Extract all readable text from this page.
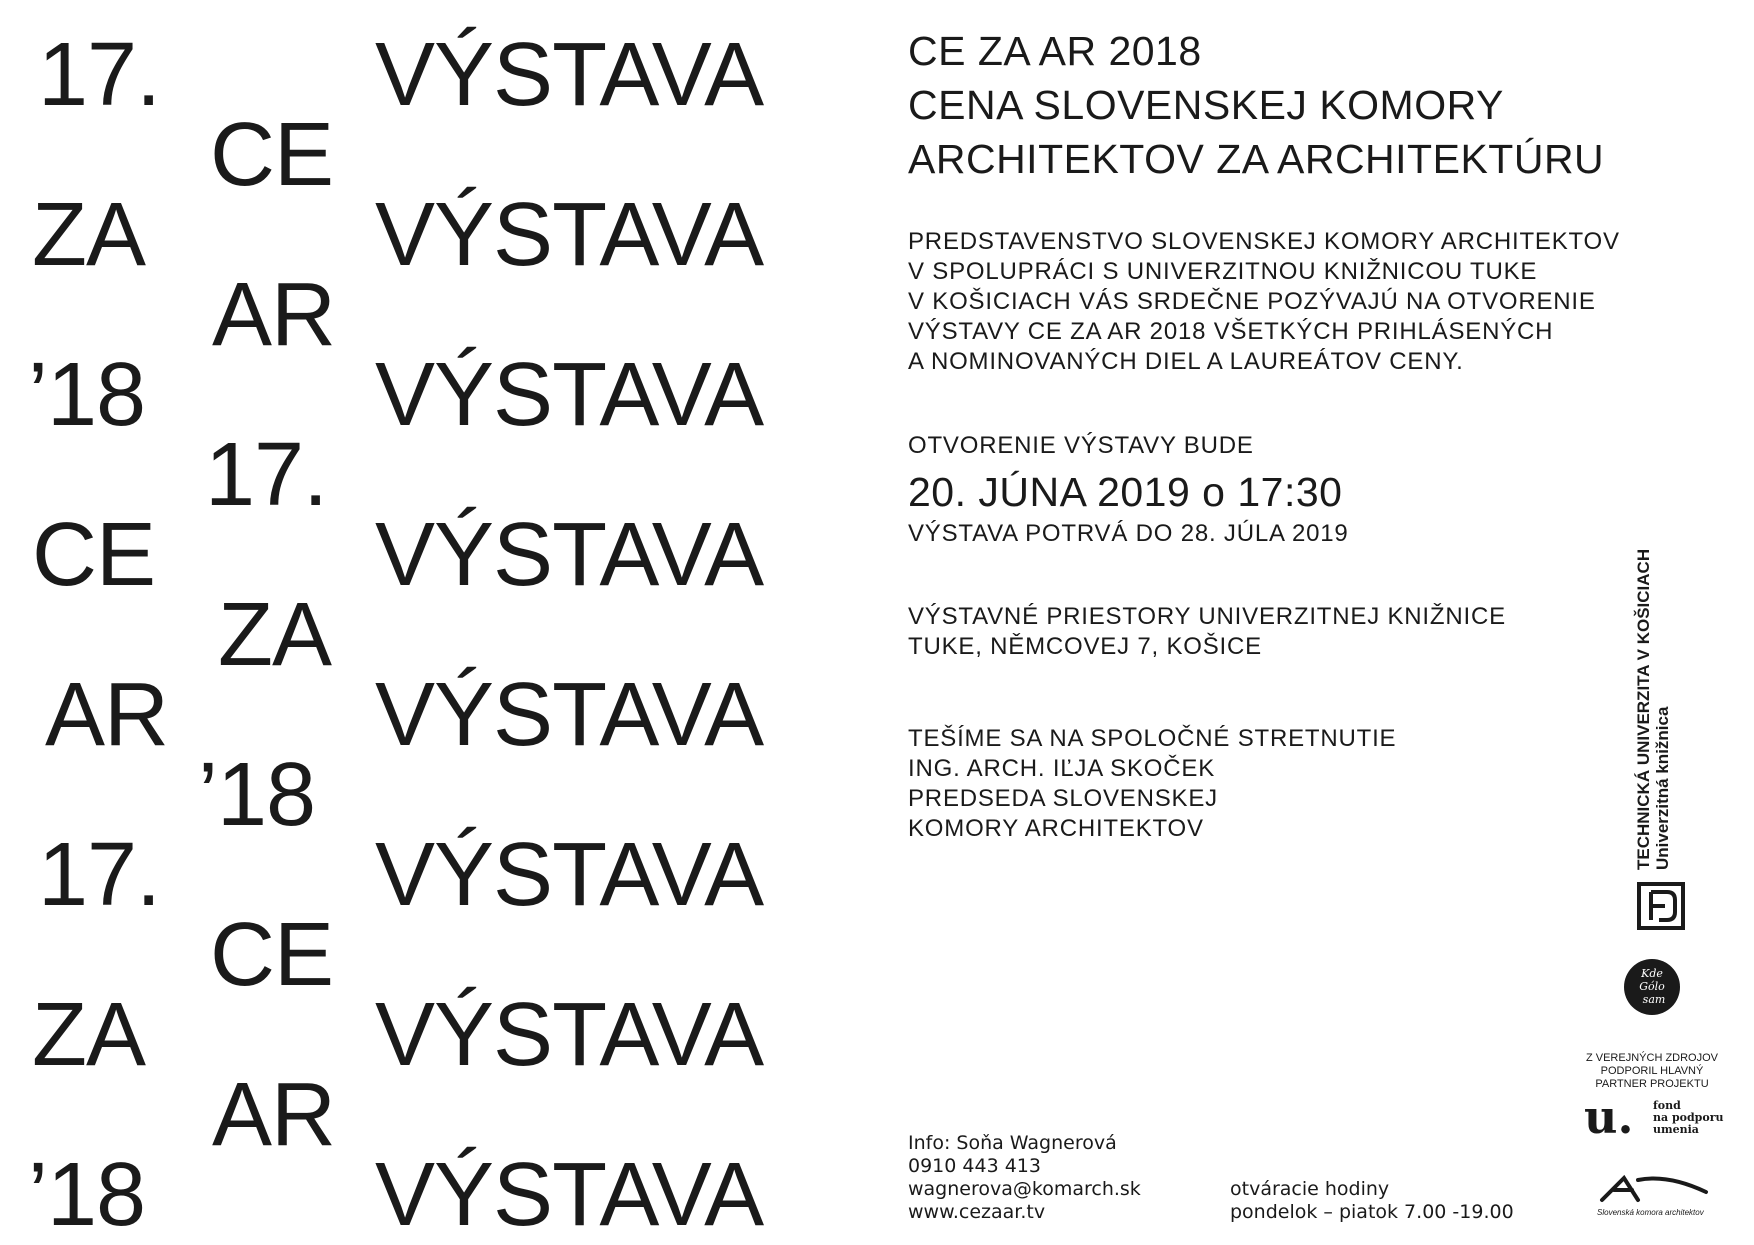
17.
CE
ZA
AR
’18
17.
CE
ZA
AR
’18
17.
CE
ZA
AR
’18
VÝSTAVA
VÝSTAVA
VÝSTAVA
VÝSTAVA
VÝSTAVA
VÝSTAVA
VÝSTAVA
VÝSTAVA
CE ZA AR 2018
CENA SLOVENSKEJ KOMORY
ARCHITEKTOV ZA ARCHITEKTÚRU
PREDSTAVENSTVO SLOVENSKEJ KOMORY ARCHITEKTOV
V SPOLUPRÁCI S UNIVERZITNOU KNIŽNICOU TUKE
V KOŠICIACH VÁS SRDEČNE POZÝVAJÚ NA OTVORENIE
VÝSTAVY CE ZA AR 2018 VŠETKÝCH PRIHLÁSENÝCH
A NOMINOVANÝCH DIEL A LAUREÁTOV CENY.
OTVORENIE VÝSTAVY BUDE
20. JÚNA 2019 o 17:30
VÝSTAVA POTRVÁ DO 28. JÚLA 2019
VÝSTAVNÉ PRIESTORY UNIVERZITNEJ KNIŽNICE
TUKE, NĚMCOVEJ 7, KOŠICE
TEŠÍME SA NA SPOLOČNÉ STRETNUTIE
ING. ARCH. IĽJA SKOČEK
PREDSEDA SLOVENSKEJ
KOMORY ARCHITEKTOV
Info: Soňa Wagnerová
0910 443 413
wagnerova@komarch.sk
www.cezaar.tv
otváracie hodiny
pondelok – piatok 7.00 -19.00
TECHNICKÁ UNIVERZITA V KOŠICIACH Univerzitná knižnica
Kde
Gólo
sam
Z VEREJNÝCH ZDROJOV
PODPORIL HLAVNÝ
PARTNER PROJEKTU
u. fond
na podporu
umenia
Slovenská komora architektov
